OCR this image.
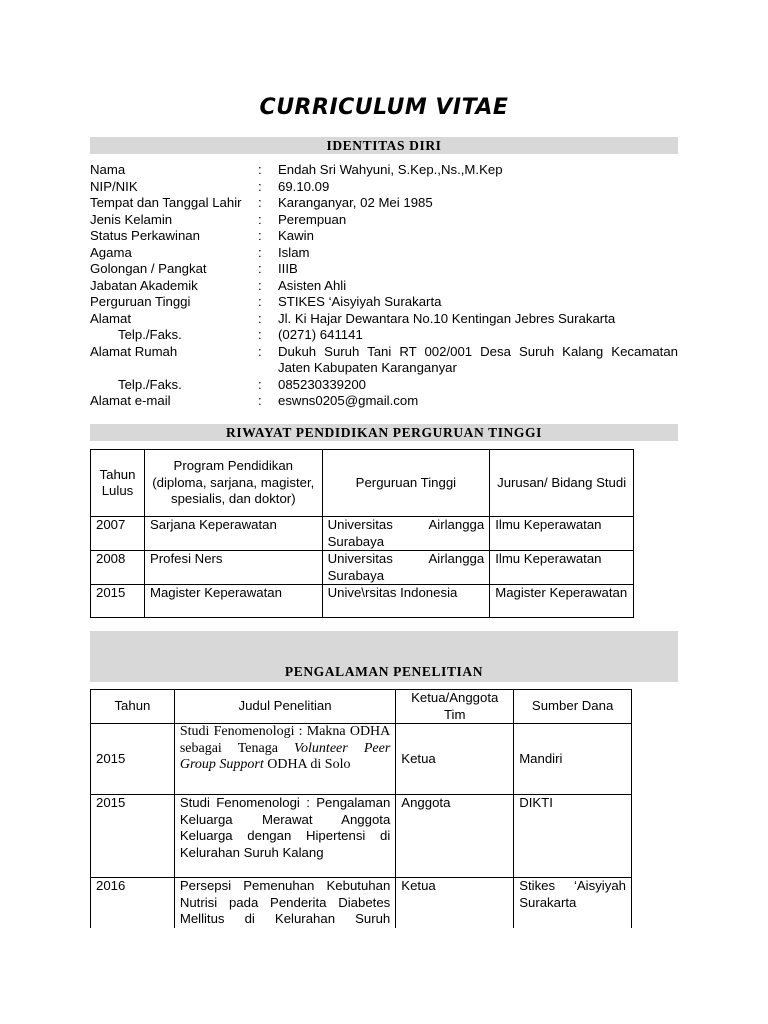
CURRICULUM VITAE
IDENTITAS DIRI
Nama	:	Endah Sri Wahyuni, S.Kep.,Ns.,M.Kep
NIP/NIK	:	69.10.09
Tempat dan Tanggal Lahir	:	Karanganyar, 02 Mei 1985
Jenis Kelamin	:	Perempuan
Status Perkawinan	:	Kawin
Agama	:	Islam
Golongan / Pangkat	:	IIIB
Jabatan Akademik	:	Asisten Ahli
Perguruan Tinggi	:	STIKES ‘Aisyiyah Surakarta
Alamat	:	Jl. Ki Hajar Dewantara No.10 Kentingan Jebres Surakarta
Telp./Faks.	:	(0271) 641141
Alamat Rumah	:	Dukuh Suruh Tani RT 002/001 Desa Suruh Kalang Kecamatan Jaten Kabupaten Karanganyar
Telp./Faks.	:	085230339200
Alamat e-mail	:	eswns0205@gmail.com
RIWAYAT PENDIDIKAN PERGURUAN TINGGI
Tahun Lulus	Program Pendidikan (diploma, sarjana, magister, spesialis, dan doktor)	Perguruan Tinggi	Jurusan/ Bidang Studi
2007	Sarjana Keperawatan	Universitas Airlangga Surabaya	Ilmu Keperawatan
2008	Profesi Ners	Universitas Airlangga Surabaya	Ilmu Keperawatan
2015	Magister Keperawatan	Unive\rsitas Indonesia	Magister Keperawatan
PENGALAMAN PENELITIAN
Tahun	Judul Penelitian	Ketua/Anggota Tim	Sumber Dana
2015	Studi Fenomenologi : Makna ODHA sebagai Tenaga Volunteer Peer Group Support ODHA di Solo	Ketua	Mandiri
2015	Studi Fenomenologi : Pengalaman Keluarga Merawat Anggota Keluarga dengan Hipertensi di Kelurahan Suruh Kalang	Anggota	DIKTI
2016	Persepsi Pemenuhan Kebutuhan Nutrisi pada Penderita Diabetes Mellitus di Kelurahan Suruh	Ketua	Stikes ‘Aisyiyah Surakarta
